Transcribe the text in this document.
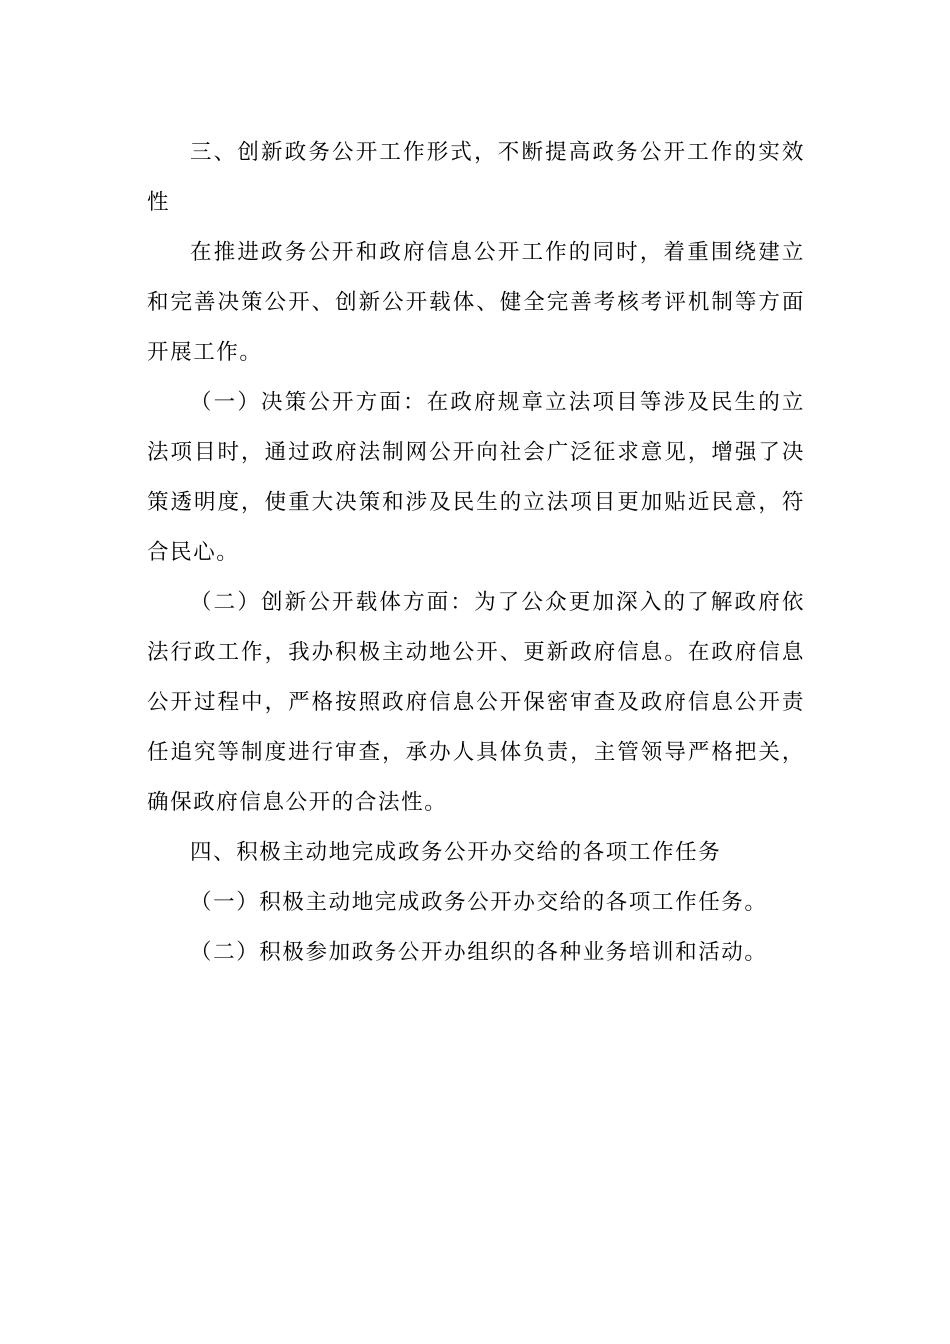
三、创新政务公开工作形式，不断提高政务公开工作的实效性

在推进政务公开和政府信息公开工作的同时，着重围绕建立和完善决策公开、创新公开载体、健全完善考核考评机制等方面开展工作。

（一）决策公开方面：在政府规章立法项目等涉及民生的立法项目时，通过政府法制网公开向社会广泛征求意见，增强了决策透明度，使重大决策和涉及民生的立法项目更加贴近民意，符合民心。

（二）创新公开载体方面：为了公众更加深入的了解政府依法行政工作，我办积极主动地公开、更新政府信息。在政府信息公开过程中，严格按照政府信息公开保密审查及政府信息公开责任追究等制度进行审查，承办人具体负责，主管领导严格把关，确保政府信息公开的合法性。

四、积极主动地完成政务公开办交给的各项工作任务

（一）积极主动地完成政务公开办交给的各项工作任务。

（二）积极参加政务公开办组织的各种业务培训和活动。
